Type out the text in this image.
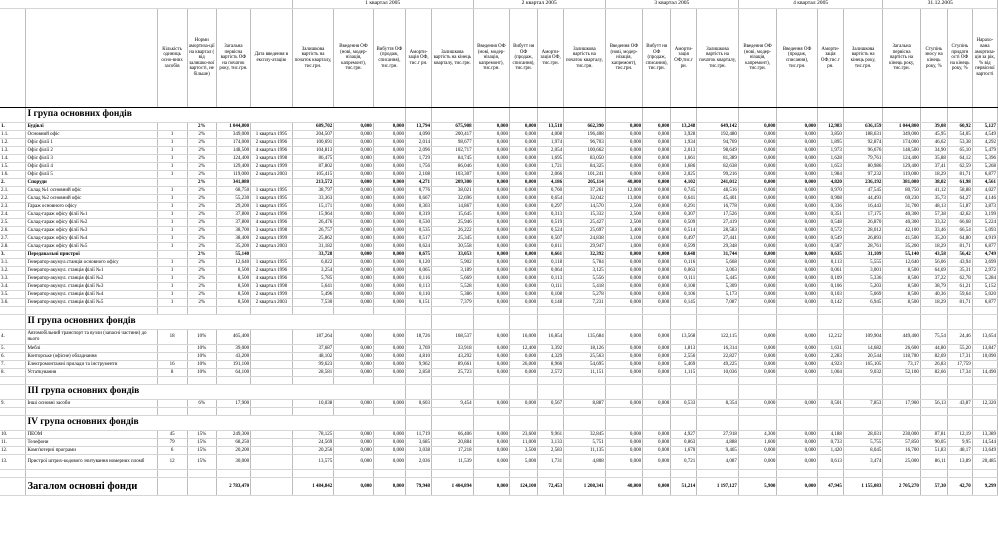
						1 квартал 2005					2 квартал 2005				3 квартал 2005				4 квартал 2005				31.12.2005			
		Кількість одиниць осно-вних засобів	Норми амортиза-ції на квартал ( від залишко-вої вартості, не більше)	Загальна первісна вартість ОФ на початок року, тис.грн.	Дата введення в експлу-атацію	Залишкова вартість на початок кварталу, тис.грн.	Введення ОФ (нові, модер-нізація, капремонт), тис.грн.	Вибуття ОФ (продаж, списання), тис.грн.	Аморти-зація ОФ, тис.г рн.	Залишкова вартість на кінець кварталу, тис.грн.	Введення ОФ (нові, модер-нізація, капремонт), тис.грн.	Вибутт ня ОФ (продаж, списання), тис.грн.	Аморти-зація ОФ, тис.грн.	Залишкова вартість на початок кварталу, тис.грн.	Введення ОФ (нові, модер-нізація, капремонт), тис.грн.	Вибутт ня ОФ (продаж, списання), тис.грн.	Аморти-зація ОФ,тис.г рн.	Залишкова вартість на початок кварталу, тис.грн.	Введення ОФ (нові, модер-нізація, капремонт), тис.грн.	Введення ОФ (продаж, списання), тис.грн.	Аморти-зація ОФ,тис.г рн.	Залишкова вартість на кінець року, тис.грн.	Загальна первісна вартість на кінець року, тис.грн.	Ступінь зносу на кінець року, %	Ступінь придатн ості ОФ на кінець року, %	Нарахо-вана амортиза-ція за рік, % від первісної вартості
	I група основних фондів																									
1.	Будівлі		2%	1 044,800		689,702	0,000	0,000	13,794	675,908	0,000	0,000	13,518	662,390	0,000	0,000	13,248	649,142	0,000	0,000	12,983	636,159	1 044,800	39,08	60,92	5,127
1.1.	Основний офіс	1	2%	349,000	1 квартал 1995	204,507	0,000	0,000	4,090	200,417	0,000	0,000	4,008	196,408	0,000	0,000	3,928	192,480	0,000	0,000	3,850	188,631	349,000	45,95	54,05	4,549
1.2.	Офіс філії 1	1	2%	174,000	2 квартал 1996	100,691	0,000	0,000	2,014	98,677	0,000	0,000	1,974	96,703	0,000	0,000	1,934	94,769	0,000	0,000	1,895	92,874	174,000	46,62	53,38	4,292
1.3.	Офіс філії 2	1	2%	148,500	4 квартал 1996	104,813	0,000	0,000	2,096	102,717	0,000	0,000	2,054	100,662	0,000	0,000	2,013	98,649	0,000	0,000	1,973	96,676	148,500	34,90	65,10	5,479
1.4.	Офіс філії 3	1	2%	124,400	3 квартал 1998	86,475	0,000	0,000	1,729	84,745	0,000	0,000	1,695	83,050	0,000	0,000	1,661	81,389	0,000	0,000	1,628	79,761	124,400	35,88	64,12	5,396
1.5.	Офіс філії 4	1	2%	129,400	2 квартал 1999	87,802	0,000	0,000	1,756	86,046	0,000	0,000	1,721	84,325	0,000	0,000	1,686	82,638	0,000	0,000	1,653	80,986	129,400	37,41	62,59	5,268
1.6.	Офіс філії 5	1	2%	119,000	2 квартал 2003	105,415	0,000	0,000	2,108	103,307	0,000	0,000	2,066	101,241	0,000	0,000	2,025	99,216	0,000	0,000	1,984	97,232	119,000	18,29	81,71	6,877
2.	Споруди		2%	341,080		213,572	0,000	0,000	4,271	209,300	0,000	0,000	4,186	205,114	40,000	0,000	4,102	241,012	0,000	0,000	4,820	236,192	381,080	38,02	61,98	4,561
2.1.	Склад №1 основний офіс	1	2%	68,750	1 квартал 1995	38,797	0,000	0,000	0,776	38,021	0,000	0,000	0,760	37,261	12,000	0,000	0,745	48,516	0,000	0,000	0,970	47,545	80,750	41,12	58,88	4,027
2.2.	Склад №2 основний офіс	1	2%	55,230	1 квартал 1995	33,363	0,000	0,000	0,667	32,696	0,000	0,000	0,654	32,042	13,000	0,000	0,641	45,401	0,000	0,000	0,908	44,493	69,230	35,73	64,27	4,146
2.3.	Гараж основного офісу	1	2%	29,200	1 квартал 1995	15,171	0,000	0,000	0,303	14,867	0,000	0,000	0,297	14,570	2,500	0,000	0,291	16,778	0,000	0,000	0,336	16,443	31,700	48,13	51,87	3,873
2.4.	Склад-гараж офісу філії №1	1	2%	37,800	2 квартал 1996	15,964	0,000	0,000	0,319	15,645	0,000	0,000	0,313	15,332	2,500	0,000	0,307	17,526	0,000	0,000	0,351	17,175	40,300	57,38	42,62	3,199
2.5.	Склад-гараж офісу філії №2	1	2%	37,800	4 квартал 1996	26,476	0,000	0,000	0,530	25,946	0,000	0,000	0,519	25,427	2,500	0,000	0,509	27,419	0,000	0,000	0,548	26,870	40,300	33,32	66,68	5,224
2.6.	Склад-гараж офісу філії №3	1	2%	38,700	3 квартал 1998	26,757	0,000	0,000	0,535	26,222	0,000	0,000	0,524	25,697	3,400	0,000	0,514	28,583	0,000	0,000	0,572	28,012	42,100	33,46	66,54	5,093
2.7.	Склад-гараж офісу філії №4	1	2%	38,400	2 квартал 1999	25,862	0,000	0,000	0,517	25,345	0,000	0,000	0,507	24,838	3,100	0,000	0,497	27,441	0,000	0,000	0,549	26,893	41,500	35,20	64,80	4,919
2.8.	Склад-гараж офісу філії №5	1	2%	35,200	2 квартал 2003	31,182	0,000	0,000	0,624	30,558	0,000	0,000	0,611	29,947	1,000	0,000	0,599	29,348	0,000	0,000	0,587	28,761	35,200	18,29	81,71	6,877
3.	Передавальні пристрої		2%	55,140		33,728	0,000	0,000	0,675	33,053	0,000	0,000	0,661	32,392	0,000	0,000	0,648	31,744	0,000	0,000	0,635	31,109	55,140	43,58	56,42	4,749
3.1.	Генератор-акумул.станція основного офісу	1	2%	12,640	1 квартал 1995	6,022	0,000	0,000	0,120	5,902	0,000	0,000	0,118	5,784	0,000	0,000	0,116	5,668	0,000	0,000	0,113	5,555	12,640	56,06	43,94	3,699
3.2.	Генератор-акумул. станція філії №1	1	2%	8,500	2 квартал 1996	3,254	0,000	0,000	0,065	3,189	0,000	0,000	0,064	3,125	0,000	0,000	0,063	3,063	0,000	0,000	0,061	3,001	8,500	64,69	35,31	2,972
3.3.	Генератор-акумул. станція філії №2	1	2%	8,500	4 квартал 1996	5,785	0,000	0,000	0,116	5,669	0,000	0,000	0,113	5,556	0,000	0,000	0,111	5,445	0,000	0,000	0,109	5,336	8,500	37,22	62,78	5,284
3.4.	Генератор-акумул. станція філії №3	1	2%	8,500	3 квартал 1998	5,641	0,000	0,000	0,113	5,528	0,000	0,000	0,111	5,418	0,000	0,000	0,108	5,309	0,000	0,000	0,106	5,203	8,500	38,79	61,21	5,152
3.5.	Генератор-акумул. станція філії №4	1	2%	8,500	2 квартал 1999	5,496	0,000	0,000	0,110	5,386	0,000	0,000	0,108	5,278	0,000	0,000	0,106	5,173	0,000	0,000	0,103	5,069	8,500	40,36	59,64	5,020
3.6.	Генератор-акумул. станція філії №5	1	2%	8,500	2 квартал 2003	7,530	0,000	0,000	0,151	7,379	0,000	0,000	0,148	7,231	0,000	0,000	0,145	7,087	0,000	0,000	0,142	6,945	8,500	18,29	81,71	6,877

	II група основних фондів																									
4.	Автомобільний транспорт та вузли (запасні частини) до нього	18	10%	465,400		187,264	0,000	0,000	18,726	168,537	0,000	16,000	16,854	135,684	0,000	0,000	13,568	122,115	0,000	0,000	12,212	109,904	449,400	75,54	24,46	13,654
5.	Меблі		10%	39,000		37,687	0,000	0,000	3,769	33,918	0,000	12,400	3,392	18,126	0,000	0,000	1,813	16,314	0,000	0,000	1,631	14,682	26,600	44,80	55,20	13,847
6.	Конторське (офісне) обладнання		10%	43,200		48,102	0,000	0,000	4,810	43,292	0,000	0,000	4,329	25,563	0,000	0,000	2,556	22,827	0,000	0,000	2,283	20,544	118,700	82,69	17,31	10,090
7.	Електромонтажні прилади та інструменти	16	10%	191,100		99,623	0,000	0,000	9,962	89,661	0,000	26,000	8,966	54,695	0,000	0,000	5,469	49,225	0,000	0,000	4,923	165,105	73,17	26,83	17,759	
8.	Устаткування	8	10%	64,100		28,581	0,000	0,000	2,858	25,723	0,000	0,000	2,572	11,151	0,000	0,000	1,115	10,036	0,000	0,000	1,004	9,032	52,100	82,66	17,34	14,490

	III група основних фондів																									
9.	Інші основні засоби		6%	17,900		10,038	0,000	0,000	0,603	9,454	0,000	0,000	0,567	8,887	0,000	0,000	0,533	8,354	0,000	0,000	0,501	7,853	17,900	56,13	43,87	12,320

	IV група основних фондів																									
10.	ПЕОМ	45	15%	249,300		78,125	0,000	0,000	11,719	66,406	0,000	23,600	9,961	32,845	0,000	0,000	4,927	27,918	4,300	0,000	4,188	28,031	230,000	87,81	12,19	13,389
11.	Телефони	79	15%	68,250		24,569	0,000	0,000	3,685	20,884	0,000	11,000	3,133	5,751	0,000	0,000	0,863	4,888	1,600	0,000	0,733	5,755	57,850	90,05	9,95	14,544
12.	Комп'ютерні програми	6	15%	20,200		20,256	0,000	0,000	3,038	17,218	0,000	3,500	2,583	11,135	0,000	0,000	1,670	9,465	0,000	0,000	1,420	8,045	16,700	51,83	48,17	13,649
13.	Пристрої штрих-кодового зчитування номерних пломб	12	15%	30,000		13,575	0,000	0,000	2,036	11,539	0,000	5,000	1,731	4,808	0,000	0,000	0,721	4,087	0,000	0,000	0,613	3,474	25,000	86,11	13,89	20,485

	Загалом основні фонди			2 783,470		1 484,842	0,000	0,000	79,948	1 404,894	0,000	124,100	72,453	1 208,341	40,000	0,000	51,214	1 197,127	5,900	0,000	47,945	1 155,083	2 705,270	57,30	42,70	9,299
